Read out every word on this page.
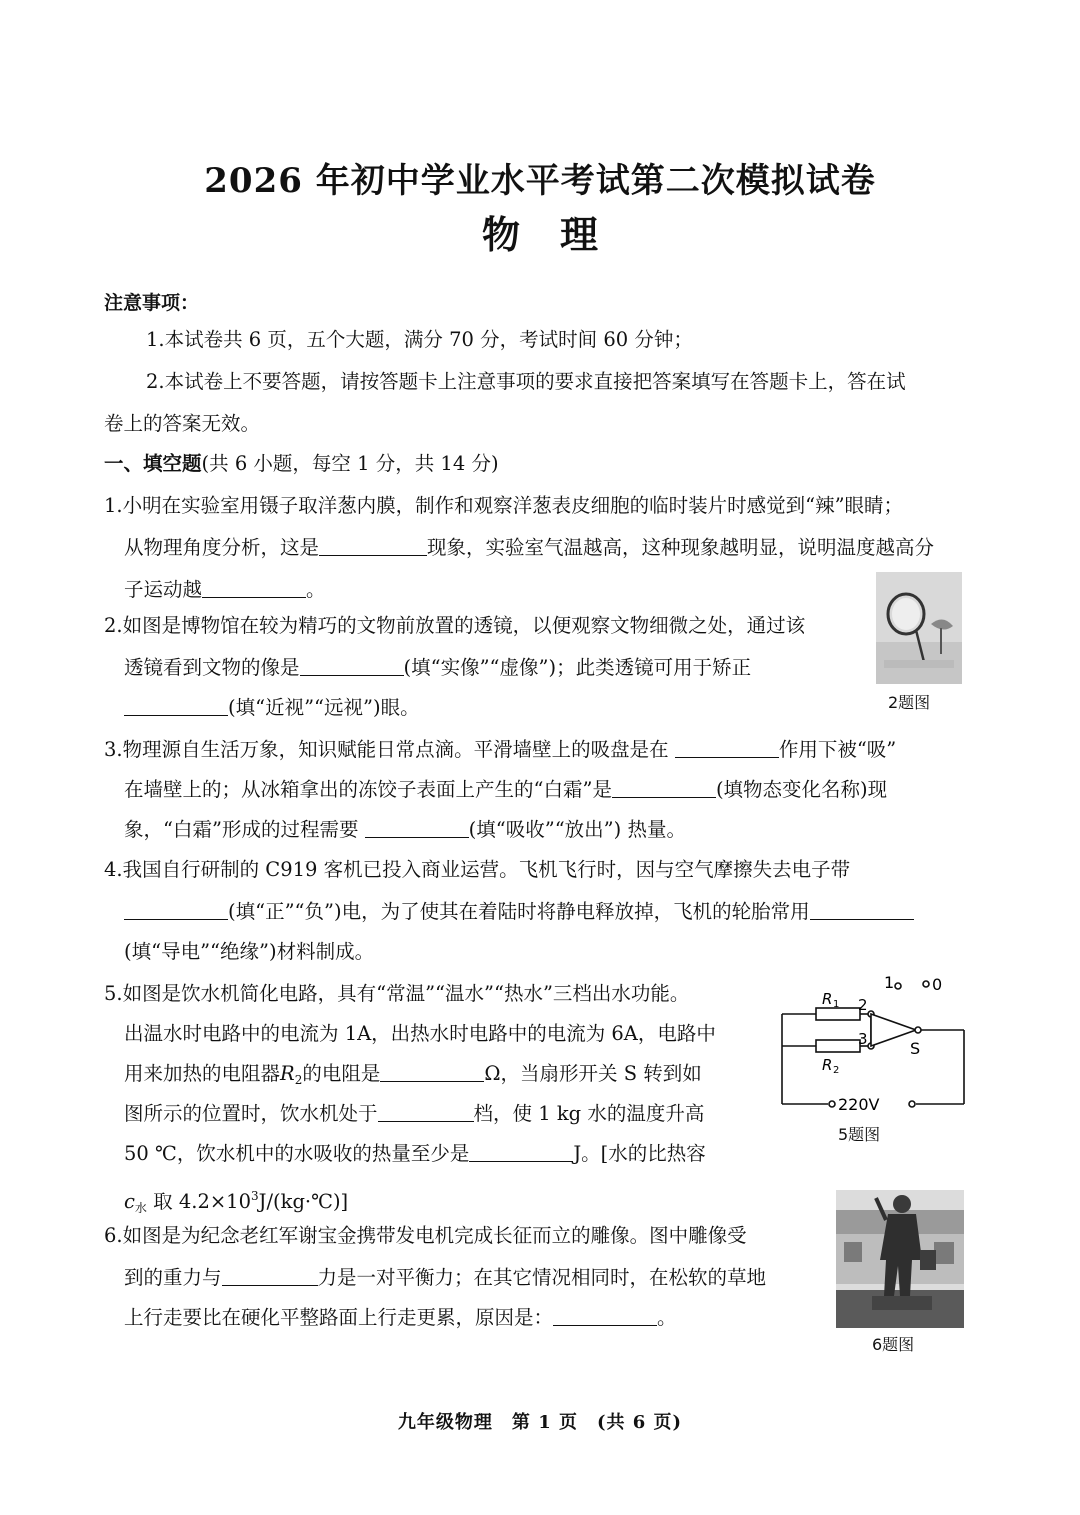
2026 年初中学业水平考试第二次模拟试卷
物理
注意事项：
1.本试卷共 6 页，五个大题，满分 70 分，考试时间 60 分钟；
2.本试卷上不要答题，请按答题卡上注意事项的要求直接把答案填写在答题卡上，答在试
卷上的答案无效。
一、填空题(共 6 小题，每空 1 分，共 14 分)
1.小明在实验室用镊子取洋葱内膜，制作和观察洋葱表皮细胞的临时装片时感觉到“辣”眼睛；
从物理角度分析，这是	现象，实验室气温越高，这种现象越明显，说明温度越高分
子运动越	。
2.如图是博物馆在较为精巧的文物前放置的透镜，以便观察文物细微之处，通过该
透镜看到文物的像是	(填“实像”“虚像”)；此类透镜可用于矫正
(填“近视”“远视”)眼。	2题图
3.物理源自生活万象，知识赋能日常点滴。平滑墙壁上的吸盘是在	作用下被“吸”
在墙壁上的；从冰箱拿出的冻饺子表面上产生的“白霜”是	(填物态变化名称)现
象，“白霜”形成的过程需要	(填“吸收”“放出”) 热量。
4.我国自行研制的 C919 客机已投入商业运营。飞机飞行时，因与空气摩擦失去电子带
(填“正”“负”)电，为了使其在着陆时将静电释放掉，飞机的轮胎常用
(填“导电”“绝缘”)材料制成。
5.如图是饮水机简化电路，具有“常温”“温水”“热水”三档出水功能。
出温水时电路中的电流为 1A，出热水时电路中的电流为 6A，电路中
用来加热的电阻器$R_2$的电阻是	Ω，当扇形开关 S 转到如
图所示的位置时，饮水机处于	档，使 1 kg 水的温度升高
50 ℃，饮水机中的水吸收的热量至少是	J。[水的比热容
$c_水$ 取 $4.2\times 10^3J/(kg\cdot℃)$]
1 0
2
3
R 1
R 2
S
220V
5题图
6.如图是为纪念老红军谢宝金携带发电机完成长征而立的雕像。图中雕像受
到的重力与	力是一对平衡力；在其它情况相同时，在松软的草地
上行走要比在硬化平整路面上行走更累，原因是：	。
6题图
九年级物理　第 1 页　(共 6 页)
